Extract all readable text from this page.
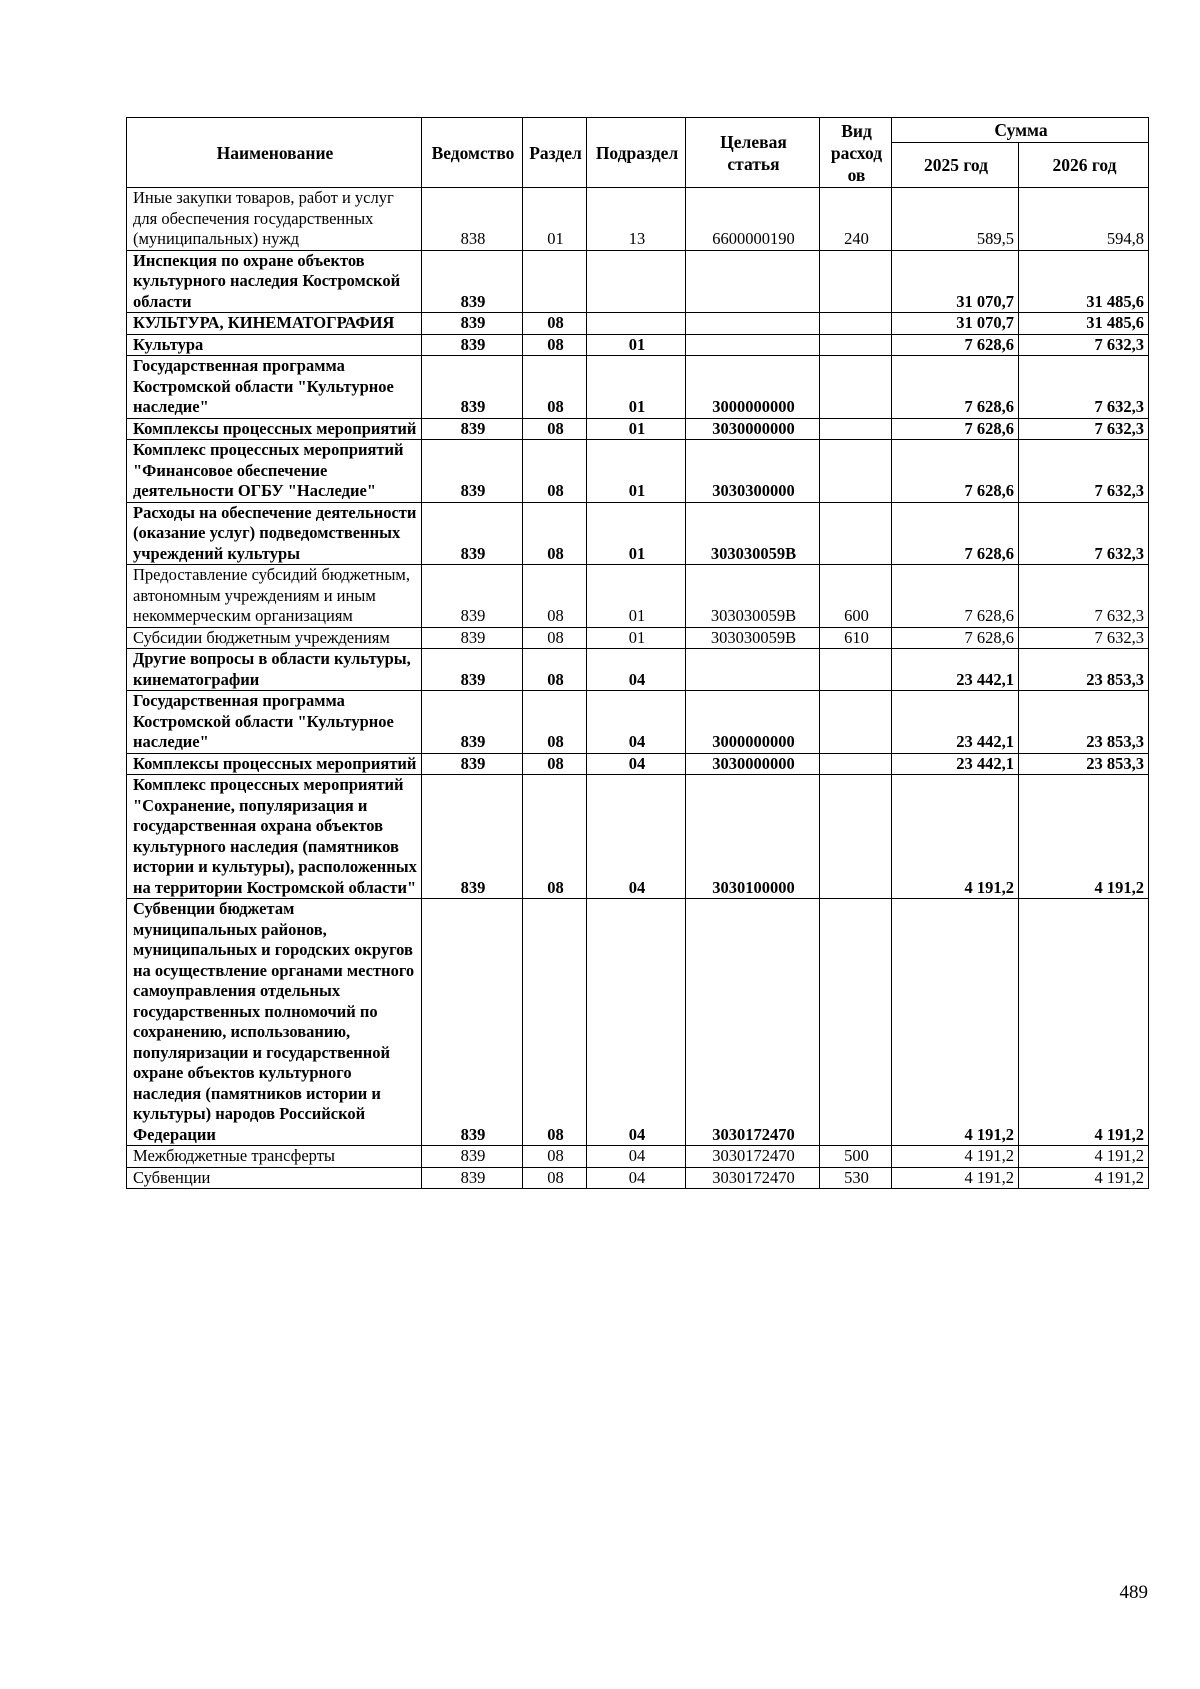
Наименование	Ведомство	Раздел	Подраздел	Целевая статья	Вид расход ов	Сумма	
						2025 год	2026 год
Иные закупки товаров, работ и услуг для обеспечения государственных (муниципальных) нужд	838	01	13	6600000190	240	589,5	594,8
Инспекция по охране объектов культурного наследия Костромской области	839					31 070,7	31 485,6
КУЛЬТУРА, КИНЕМАТОГРАФИЯ	839	08				31 070,7	31 485,6
Культура	839	08	01			7 628,6	7 632,3
Государственная программа Костромской области "Культурное наследие"	839	08	01	3000000000		7 628,6	7 632,3
Комплексы процессных мероприятий	839	08	01	3030000000		7 628,6	7 632,3
Комплекс процессных мероприятий "Финансовое обеспечение деятельности ОГБУ "Наследие"	839	08	01	3030300000		7 628,6	7 632,3
Расходы на обеспечение деятельности (оказание услуг) подведомственных учреждений культуры	839	08	01	303030059В		7 628,6	7 632,3
Предоставление субсидий бюджетным, автономным учреждениям и иным некоммерческим организациям	839	08	01	303030059В	600	7 628,6	7 632,3
Субсидии бюджетным учреждениям	839	08	01	303030059В	610	7 628,6	7 632,3
Другие вопросы в области культуры, кинематографии	839	08	04			23 442,1	23 853,3
Государственная программа Костромской области "Культурное наследие"	839	08	04	3000000000		23 442,1	23 853,3
Комплексы процессных мероприятий	839	08	04	3030000000		23 442,1	23 853,3
Комплекс процессных мероприятий "Сохранение, популяризация и государственная охрана объектов культурного наследия (памятников истории и культуры), расположенных на территории Костромской области"	839	08	04	3030100000		4 191,2	4 191,2
Субвенции бюджетам муниципальных районов, муниципальных и городских округов на осуществление органами местного самоуправления отдельных государственных полномочий по сохранению, использованию, популяризации и государственной охране объектов культурного наследия (памятников истории и культуры) народов Российской Федерации	839	08	04	3030172470		4 191,2	4 191,2
Межбюджетные трансферты	839	08	04	3030172470	500	4 191,2	4 191,2
Субвенции	839	08	04	3030172470	530	4 191,2	4 191,2
489
